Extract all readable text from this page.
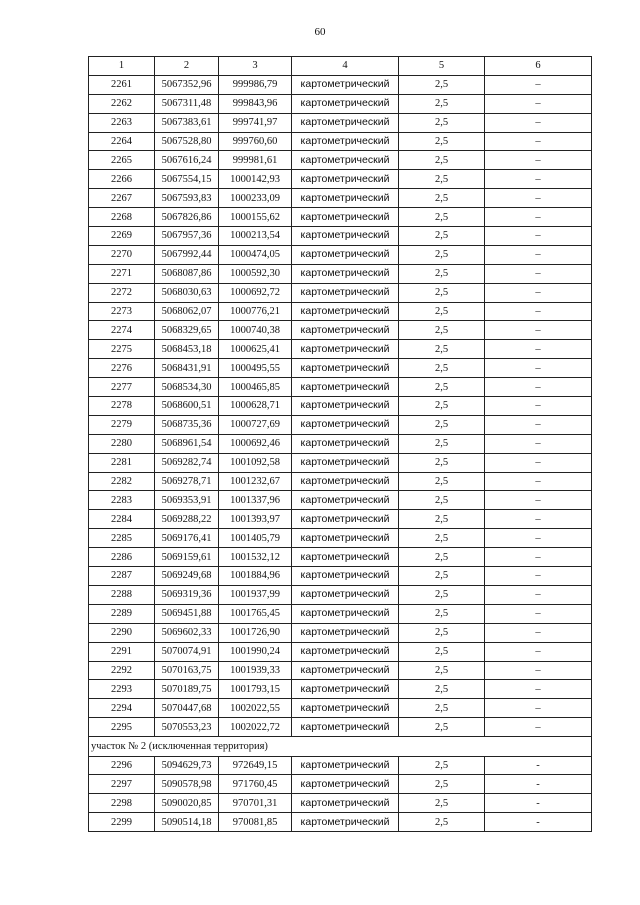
60
1	2	3	4	5	6
2261	5067352,96	999986,79	картометрический	2,5	–
2262	5067311,48	999843,96	картометрический	2,5	–
2263	5067383,61	999741,97	картометрический	2,5	–
2264	5067528,80	999760,60	картометрический	2,5	–
2265	5067616,24	999981,61	картометрический	2,5	–
2266	5067554,15	1000142,93	картометрический	2,5	–
2267	5067593,83	1000233,09	картометрический	2,5	–
2268	5067826,86	1000155,62	картометрический	2,5	–
2269	5067957,36	1000213,54	картометрический	2,5	–
2270	5067992,44	1000474,05	картометрический	2,5	–
2271	5068087,86	1000592,30	картометрический	2,5	–
2272	5068030,63	1000692,72	картометрический	2,5	–
2273	5068062,07	1000776,21	картометрический	2,5	–
2274	5068329,65	1000740,38	картометрический	2,5	–
2275	5068453,18	1000625,41	картометрический	2,5	–
2276	5068431,91	1000495,55	картометрический	2,5	–
2277	5068534,30	1000465,85	картометрический	2,5	–
2278	5068600,51	1000628,71	картометрический	2,5	–
2279	5068735,36	1000727,69	картометрический	2,5	–
2280	5068961,54	1000692,46	картометрический	2,5	–
2281	5069282,74	1001092,58	картометрический	2,5	–
2282	5069278,71	1001232,67	картометрический	2,5	–
2283	5069353,91	1001337,96	картометрический	2,5	–
2284	5069288,22	1001393,97	картометрический	2,5	–
2285	5069176,41	1001405,79	картометрический	2,5	–
2286	5069159,61	1001532,12	картометрический	2,5	–
2287	5069249,68	1001884,96	картометрический	2,5	–
2288	5069319,36	1001937,99	картометрический	2,5	–
2289	5069451,88	1001765,45	картометрический	2,5	–
2290	5069602,33	1001726,90	картометрический	2,5	–
2291	5070074,91	1001990,24	картометрический	2,5	–
2292	5070163,75	1001939,33	картометрический	2,5	–
2293	5070189,75	1001793,15	картометрический	2,5	–
2294	5070447,68	1002022,55	картометрический	2,5	–
2295	5070553,23	1002022,72	картометрический	2,5	–
участок № 2 (исключенная территория)					
2296	5094629,73	972649,15	картометрический	2,5	-
2297	5090578,98	971760,45	картометрический	2,5	-
2298	5090020,85	970701,31	картометрический	2,5	-
2299	5090514,18	970081,85	картометрический	2,5	-
